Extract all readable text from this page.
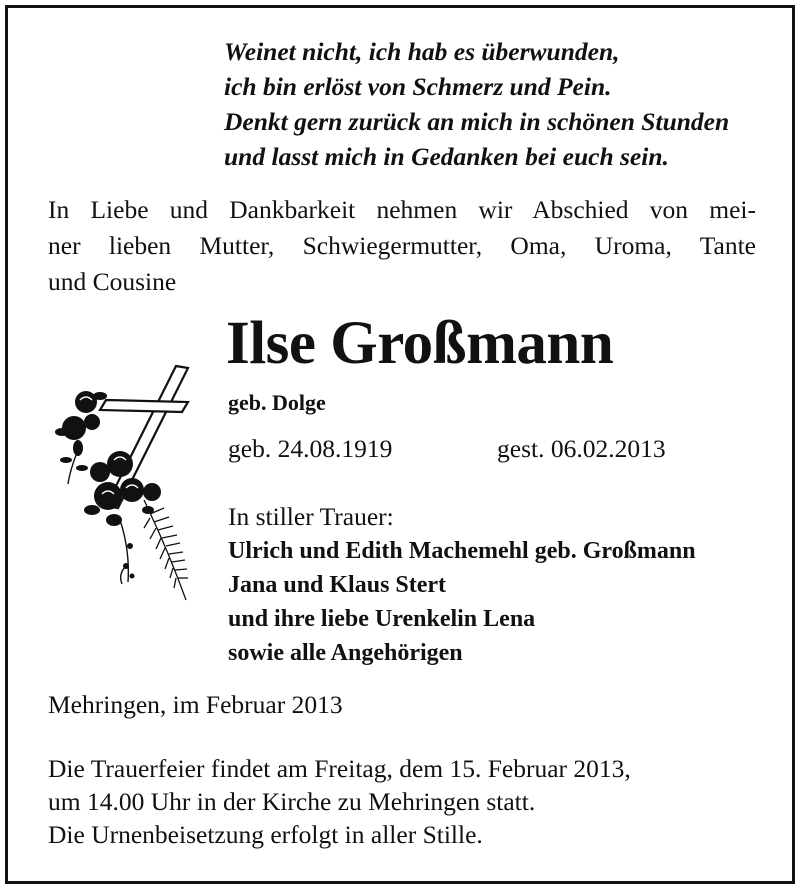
Weinet nicht, ich hab es überwunden,
ich bin erlöst von Schmerz und Pein.
Denkt gern zurück an mich in schönen Stunden
und lasst mich in Gedanken bei euch sein.
In Liebe und Dankbarkeit nehmen wir Abschied von mei-
ner lieben Mutter, Schwiegermutter, Oma, Uroma, Tante
und Cousine
Ilse Großmann
geb. Dolge
geb. 24.08.1919	gest. 06.02.2013
In stiller Trauer:
Ulrich und Edith Machemehl geb. Großmann
Jana und Klaus Stert
und ihre liebe Urenkelin Lena
sowie alle Angehörigen
Mehringen, im Februar 2013
Die Trauerfeier findet am Freitag, dem 15. Februar 2013,
um 14.00 Uhr in der Kirche zu Mehringen statt.
Die Urnenbeisetzung erfolgt in aller Stille.
